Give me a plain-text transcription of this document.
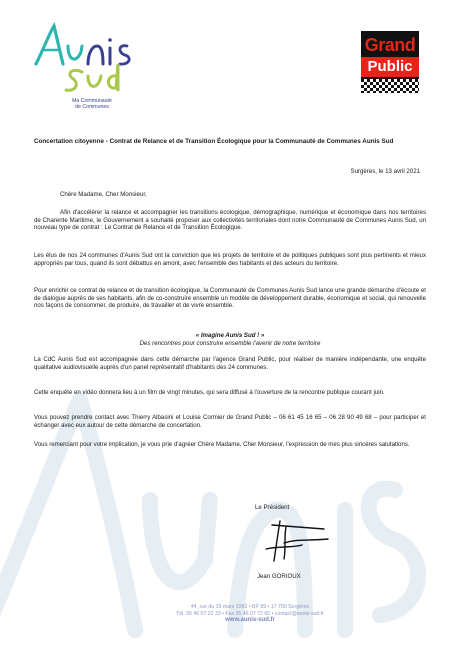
Ma Communauté
de Communes
Grand
Public
Concertation citoyenne - Contrat de Relance et de Transition Écologique pour la Communauté de Communes Aunis Sud
Surgères, le 13 avril 2021
Chère Madame, Cher Monsieur,
Afin d'accélérer la relance et accompagner les transitions écologique, démographique, numérique et économique dans nos territoires de Charente Maritime, le Gouvernement a souhaité proposer aux collectivités territoriales dont notre Communauté de Communes Aunis Sud, un nouveau type de contrat : Le Contrat de Relance et de Transition Écologique.
Les élus de nos 24 communes d'Aunis Sud ont la conviction que les projets de territoire et de politiques publiques sont plus pertinents et mieux appropriés par tous, quand ils sont débattus en amont, avec l'ensemble des habitants et des acteurs du territoire.
Pour enrichir ce contrat de relance et de transition écologique, la Communauté de Communes Aunis Sud lance une grande démarche d'écoute et de dialogue auprès de ses habitants, afin de co-construire ensemble un modèle de développement durable, économique et social, qui renouvelle nos façons de consommer, de produire, de travailler et de vivre ensemble.
« Imagine Aunis Sud ! »
Des rencontres pour construire ensemble l'avenir de notre territoire
La CdC Aunis Sud est accompagnée dans cette démarche par l'agence Grand Public, pour réaliser de manière indépendante, une enquête qualitative audiovisuelle auprès d'un panel représentatif d'habitants des 24 communes.
Cette enquête en vidéo donnera lieu à un film de vingt minutes, qui sera diffusé à l'ouverture de la rencontre publique courant juin.
Vous pouvez prendre contact avec Thierry Albasini et Louise Cormier de Grand Public – 06 61 45 16 65 – 06 28 90 49 68 – pour participer et échanger avec eux autour de cette démarche de concertation.
Vous remerciant pour votre implication, je vous prie d'agréer Chère Madame, Cher Monsieur, l'expression de mes plus sincères salutations.
Le Président
Jean GORIOUX
44, rue du 19 mars 1962 • BP 89 • 17 700 Surgères
Tél. 05 46 07 22 33 • Fax 05 46 07 72 60 • contact@aunis-sud.fr
www.aunis-sud.fr
